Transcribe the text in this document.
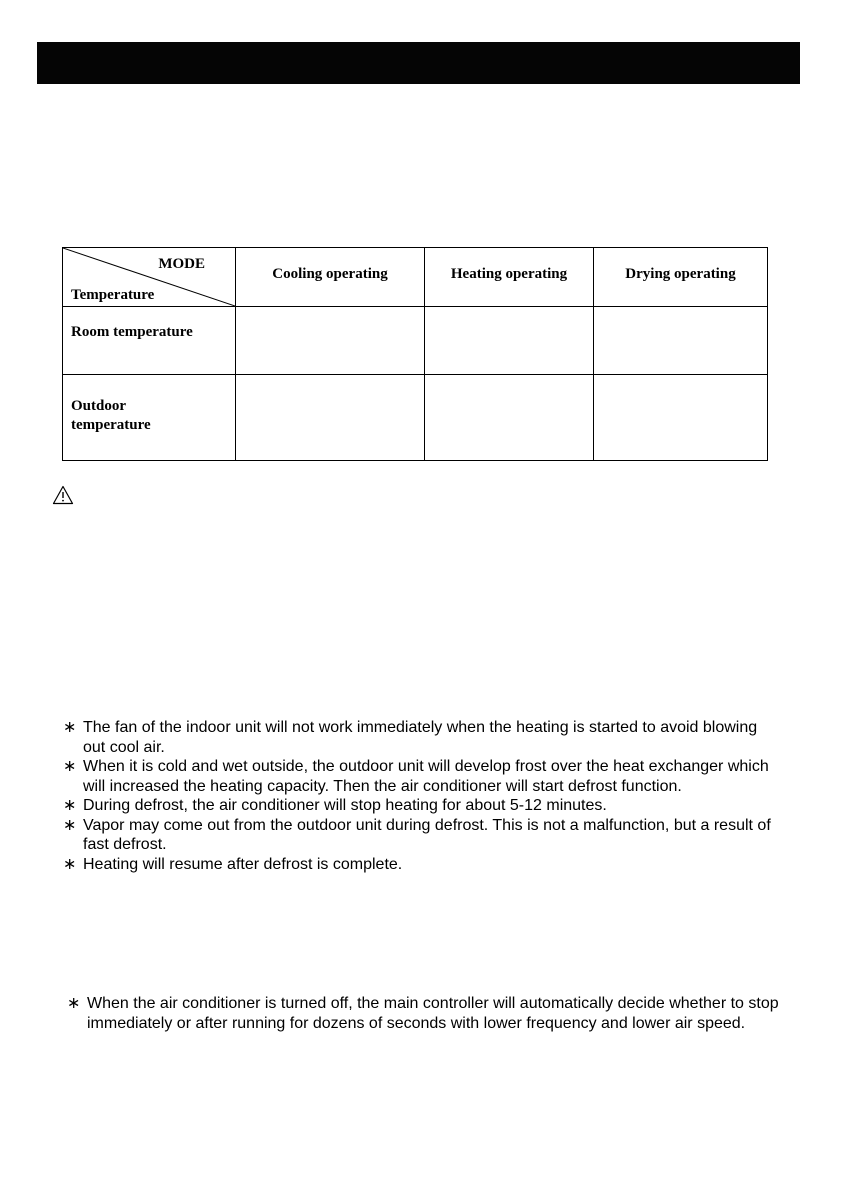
MODE
Temperature	Cooling operating	Heating operating	Drying operating
Room temperature			

Outdoor temperature			

∗ The fan of the indoor unit will not work immediately when the heating is started to avoid blowing out cool air.
∗ When it is cold and wet outside, the outdoor unit will develop frost over the heat exchanger which will increased the heating capacity. Then the air conditioner will start defrost function.
∗ During defrost, the air conditioner will stop heating for about 5-12 minutes.
∗ Vapor may come out from the outdoor unit during defrost. This is not a malfunction, but a result of fast defrost.
∗ Heating will resume after defrost is complete.
∗ When the air conditioner is turned off, the main controller will automatically decide whether to stop immediately or after running for dozens of seconds with lower frequency and lower air speed.
